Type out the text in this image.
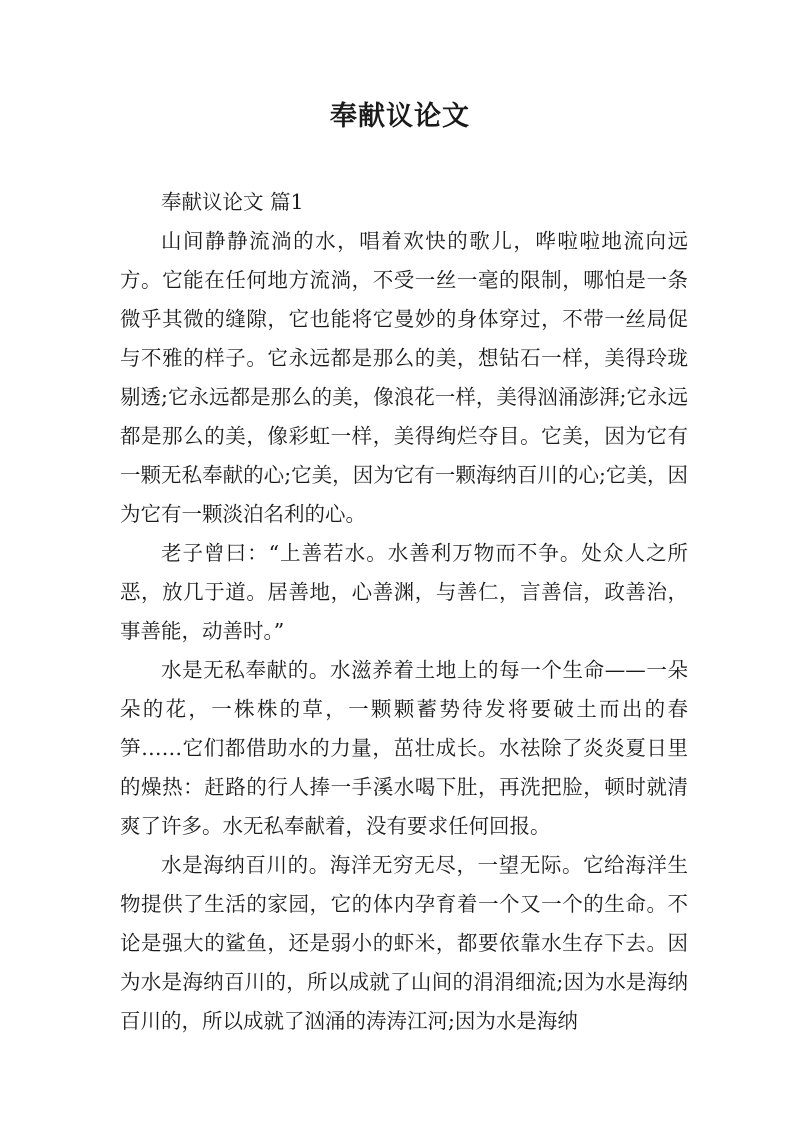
奉献议论文

奉献议论文 篇1

山间静静流淌的水，唱着欢快的歌儿，哗啦啦地流向远方。它能在任何地方流淌，不受一丝一毫的限制，哪怕是一条微乎其微的缝隙，它也能将它曼妙的身体穿过，不带一丝局促与不雅的样子。它永远都是那么的美，想钻石一样，美得玲珑剔透;它永远都是那么的美，像浪花一样，美得汹涌澎湃;它永远都是那么的美，像彩虹一样，美得绚烂夺目。它美，因为它有一颗无私奉献的心;它美，因为它有一颗海纳百川的心;它美，因为它有一颗淡泊名利的心。

老子曾曰：“上善若水。水善利万物而不争。处众人之所恶，放几于道。居善地，心善渊，与善仁，言善信，政善治，事善能，动善时。”

水是无私奉献的。水滋养着土地上的每一个生命——一朵朵的花，一株株的草，一颗颗蓄势待发将要破土而出的春笋……它们都借助水的力量，茁壮成长。水祛除了炎炎夏日里的燥热：赶路的行人捧一手溪水喝下肚，再洗把脸，顿时就清爽了许多。水无私奉献着，没有要求任何回报。

水是海纳百川的。海洋无穷无尽，一望无际。它给海洋生物提供了生活的家园，它的体内孕育着一个又一个的生命。不论是强大的鲨鱼，还是弱小的虾米，都要依靠水生存下去。因为水是海纳百川的，所以成就了山间的涓涓细流;因为水是海纳百川的，所以成就了汹涌的涛涛江河;因为水是海纳
